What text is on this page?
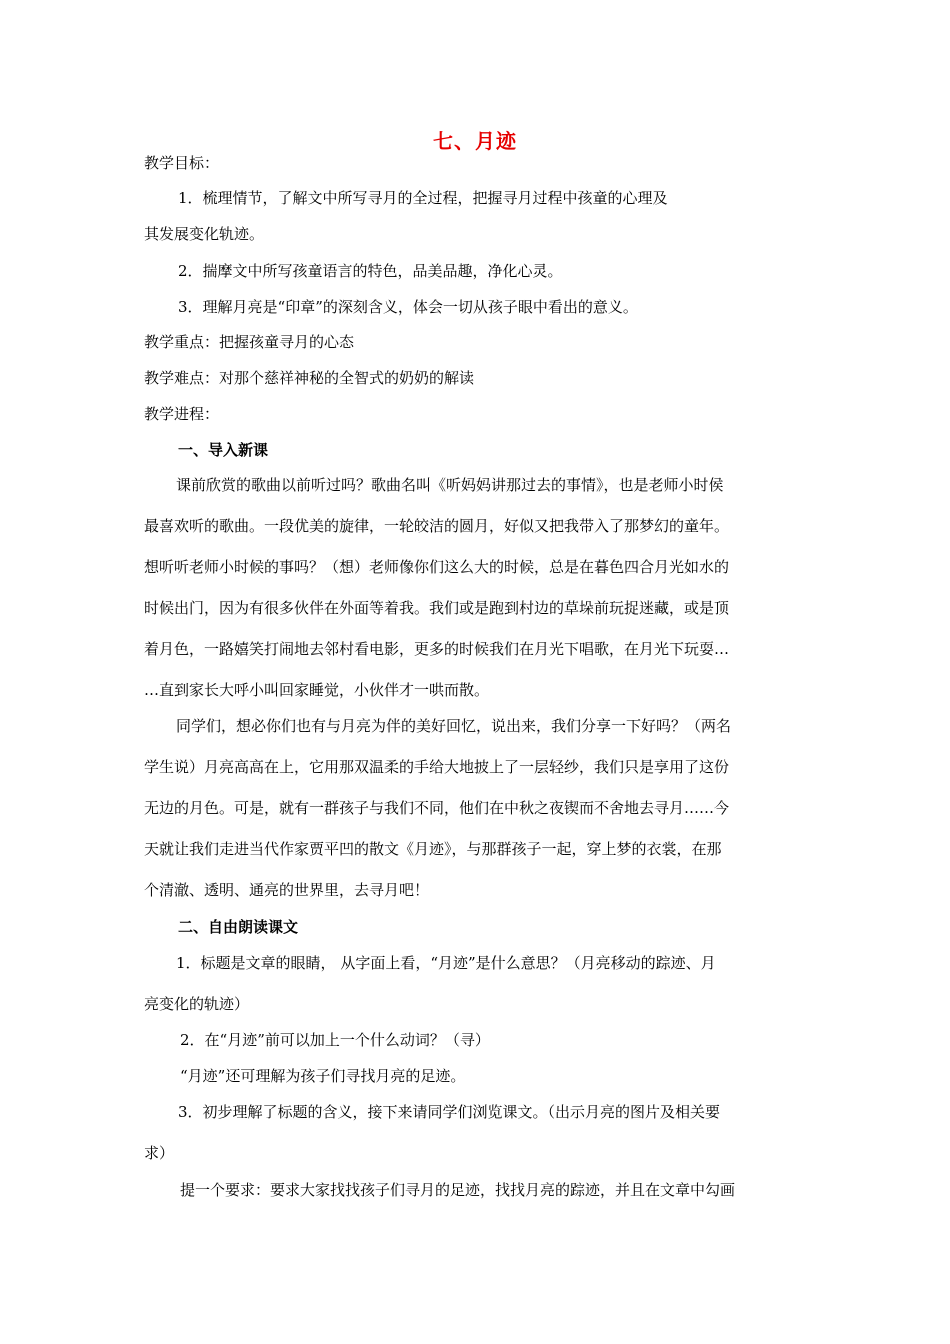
七、月迹
教学目标：
1．梳理情节，了解文中所写寻月的全过程，把握寻月过程中孩童的心理及
其发展变化轨迹。
2．揣摩文中所写孩童语言的特色，品美品趣，净化心灵。
3．理解月亮是“印章”的深刻含义，体会一切从孩子眼中看出的意义。
教学重点：把握孩童寻月的心态
教学难点：对那个慈祥神秘的全智式的奶奶的解读
教学进程：
一、导入新课
课前欣赏的歌曲以前听过吗？歌曲名叫《听妈妈讲那过去的事情》，也是老师小时侯
最喜欢听的歌曲。一段优美的旋律，一轮皎洁的圆月，好似又把我带入了那梦幻的童年。
想听听老师小时候的事吗？（想）老师像你们这么大的时候，总是在暮色四合月光如水的
时候出门，因为有很多伙伴在外面等着我。我们或是跑到村边的草垛前玩捉迷藏，或是顶
着月色，一路嬉笑打闹地去邻村看电影，更多的时候我们在月光下唱歌，在月光下玩耍…
…直到家长大呼小叫回家睡觉，小伙伴才一哄而散。
同学们，想必你们也有与月亮为伴的美好回忆，说出来，我们分享一下好吗？（两名
学生说）月亮高高在上，它用那双温柔的手给大地披上了一层轻纱，我们只是享用了这份
无边的月色。可是，就有一群孩子与我们不同，他们在中秋之夜锲而不舍地去寻月……今
天就让我们走进当代作家贾平凹的散文《月迹》，与那群孩子一起，穿上梦的衣裳，在那
个清澈、透明、通亮的世界里，去寻月吧！
二、自由朗读课文
1．标题是文章的眼睛， 从字面上看，“月迹”是什么意思？（月亮移动的踪迹、月
亮变化的轨迹）
2．在“月迹”前可以加上一个什么动词？（寻）
“月迹”还可理解为孩子们寻找月亮的足迹。
3．初步理解了标题的含义，接下来请同学们浏览课文。（出示月亮的图片及相关要
求）
提一个要求：要求大家找找孩子们寻月的足迹，找找月亮的踪迹，并且在文章中勾画
